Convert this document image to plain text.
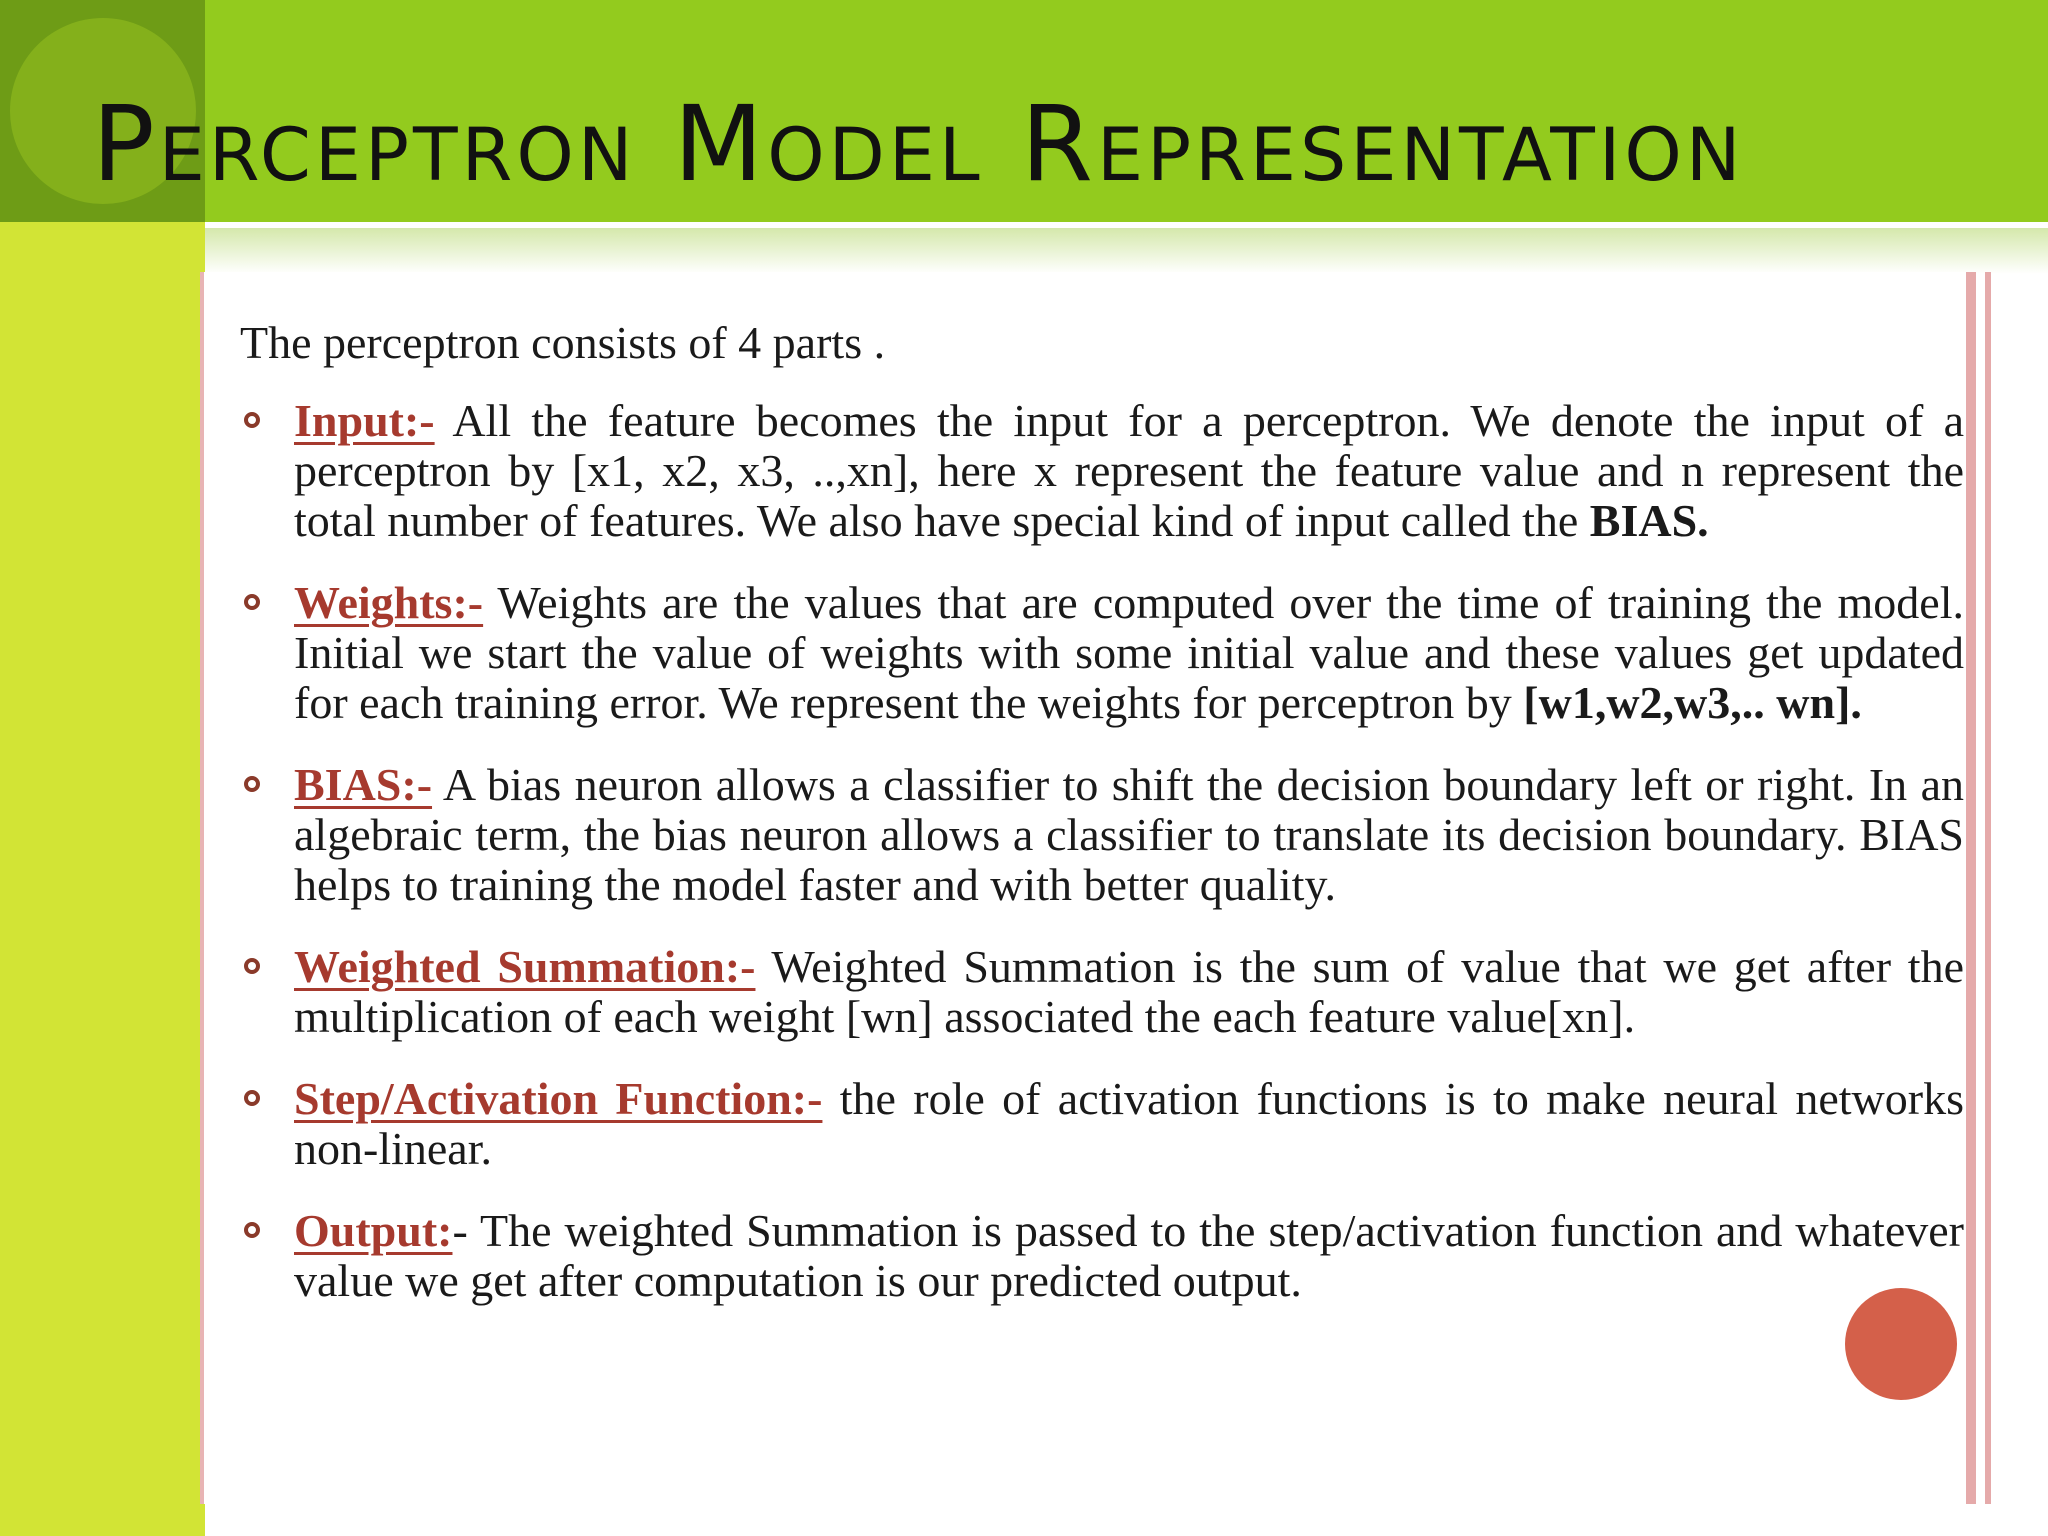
Perceptron Model Representation

The perceptron consists of 4 parts .

Input:- All the feature becomes the input for a perceptron. We denote the input of a perceptron by [x1, x2, x3, ..,xn], here x represent the feature value and n represent the total number of features. We also have special kind of input called the BIAS.
Weights:- Weights are the values that are computed over the time of training the model. Initial we start the value of weights with some initial value and these values get updated for each training error. We represent the weights for perceptron by [w1,w2,w3,.. wn].
BIAS:- A bias neuron allows a classifier to shift the decision boundary left or right. In an algebraic term, the bias neuron allows a classifier to translate its decision boundary. BIAS helps to training the model faster and with better quality.
Weighted Summation:- Weighted Summation is the sum of value that we get after the multiplication of each weight [wn] associated the each feature value[xn].
Step/Activation Function:- the role of activation functions is to make neural networks non-linear.
Output:- The weighted Summation is passed to the step/activation function and whatever value we get after computation is our predicted output.
